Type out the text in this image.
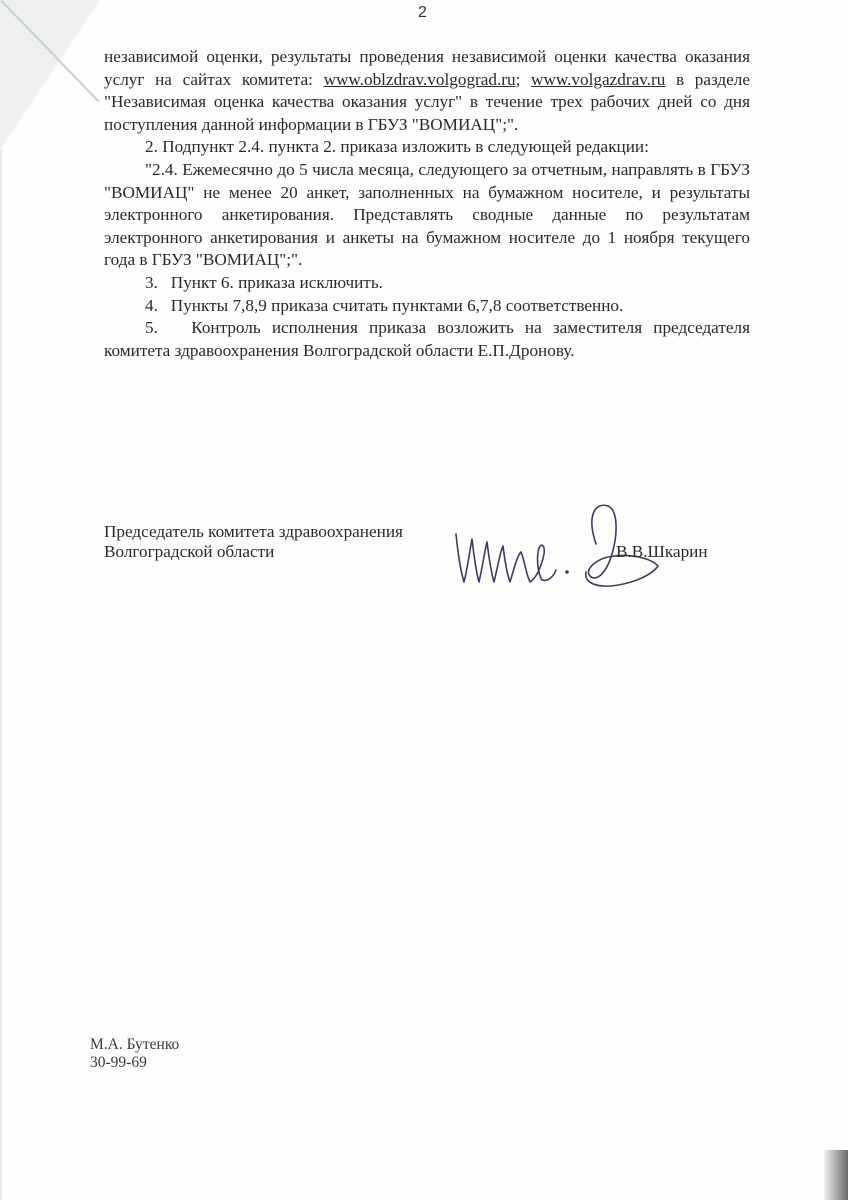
2

независимой оценки, результаты проведения независимой оценки качества оказания услуг на сайтах комитета: www.oblzdrav.volgograd.ru; www.volgazdrav.ru в разделе "Независимая оценка качества оказания услуг" в течение трех рабочих дней со дня поступления данной информации в ГБУЗ "ВОМИАЦ";".

2. Подпункт 2.4. пункта 2. приказа изложить в следующей редакции:

"2.4. Ежемесячно до 5 числа месяца, следующего за отчетным, направлять в ГБУЗ "ВОМИАЦ" не менее 20 анкет, заполненных на бумажном носителе, и результаты электронного анкетирования. Представлять сводные данные по результатам электронного анкетирования и анкеты на бумажном носителе до 1 ноября текущего года в ГБУЗ "ВОМИАЦ";".

3.   Пункт 6. приказа исключить.

4.   Пункты 7,8,9 приказа считать пунктами 6,7,8 соответственно.

5.   Контроль исполнения приказа возложить на заместителя председателя комитета здравоохранения Волгоградской области Е.П.Дронову.

Председатель комитета здравоохранения
Волгоградской области	В.В.Шкарин
М.А. Бутенко
30-99-69
